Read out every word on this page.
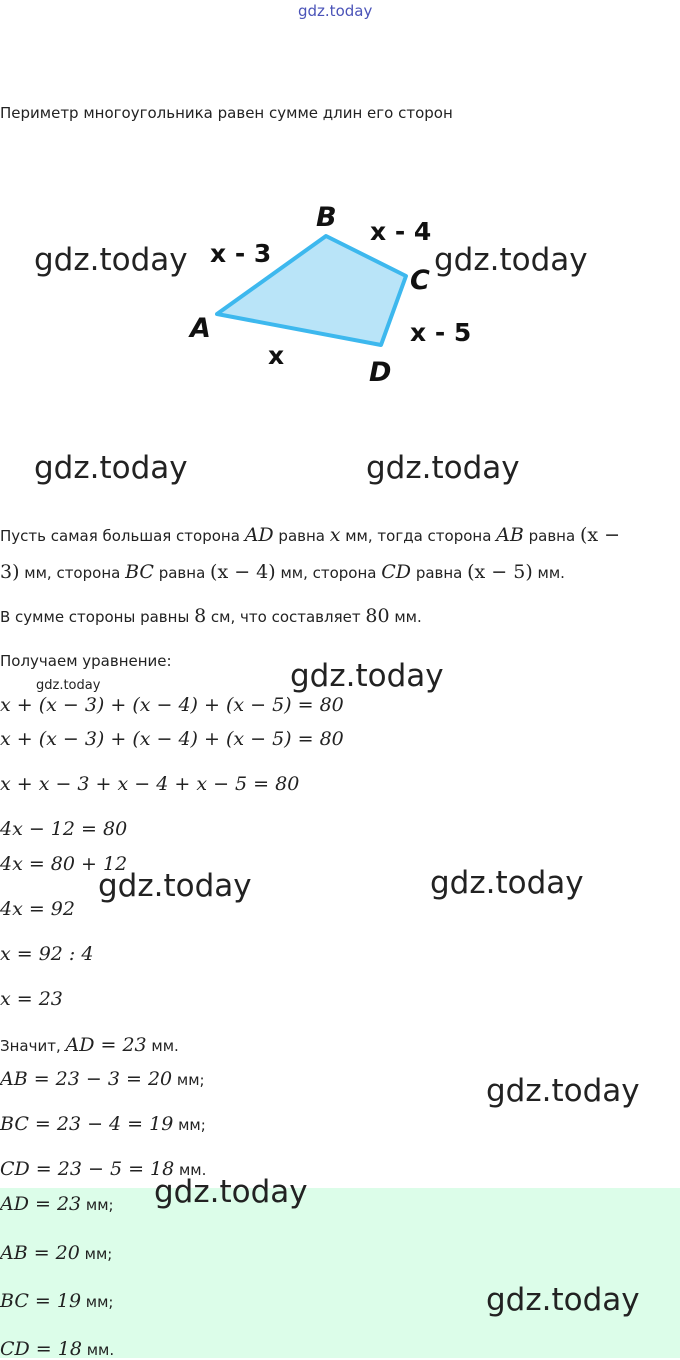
gdz.today
Периметр многоугольника равен сумме длин его сторон
A
B
C
D
x - 3
x - 4
x - 5
x
gdz.today	gdz.today
gdz.today	gdz.today
Пусть самая большая сторона AD равна x мм, тогда сторона AB равна (x −
3) мм, сторона BC равна (x − 4) мм, сторона CD равна (x − 5) мм.
В сумме стороны равны 8 см, что составляет 80 мм.
Получаем уравнение:
gdz.today	gdz.today
x + (x − 3) + (x − 4) + (x − 5) = 80
x + (x − 3) + (x − 4) + (x − 5) = 80
x + x − 3 + x − 4 + x − 5 = 80
4x − 12 = 80
4x = 80 + 12
4x = 92
x = 92 : 4
x = 23
gdz.today	gdz.today
Значит, AD = 23 мм.
AB = 23 − 3 = 20 мм;
BC = 23 − 4 = 19 мм;
CD = 23 − 5 = 18 мм.
gdz.today
AD = 23 мм;
AB = 20 мм;
BC = 19 мм;
CD = 18 мм.
gdz.today
gdz.today
